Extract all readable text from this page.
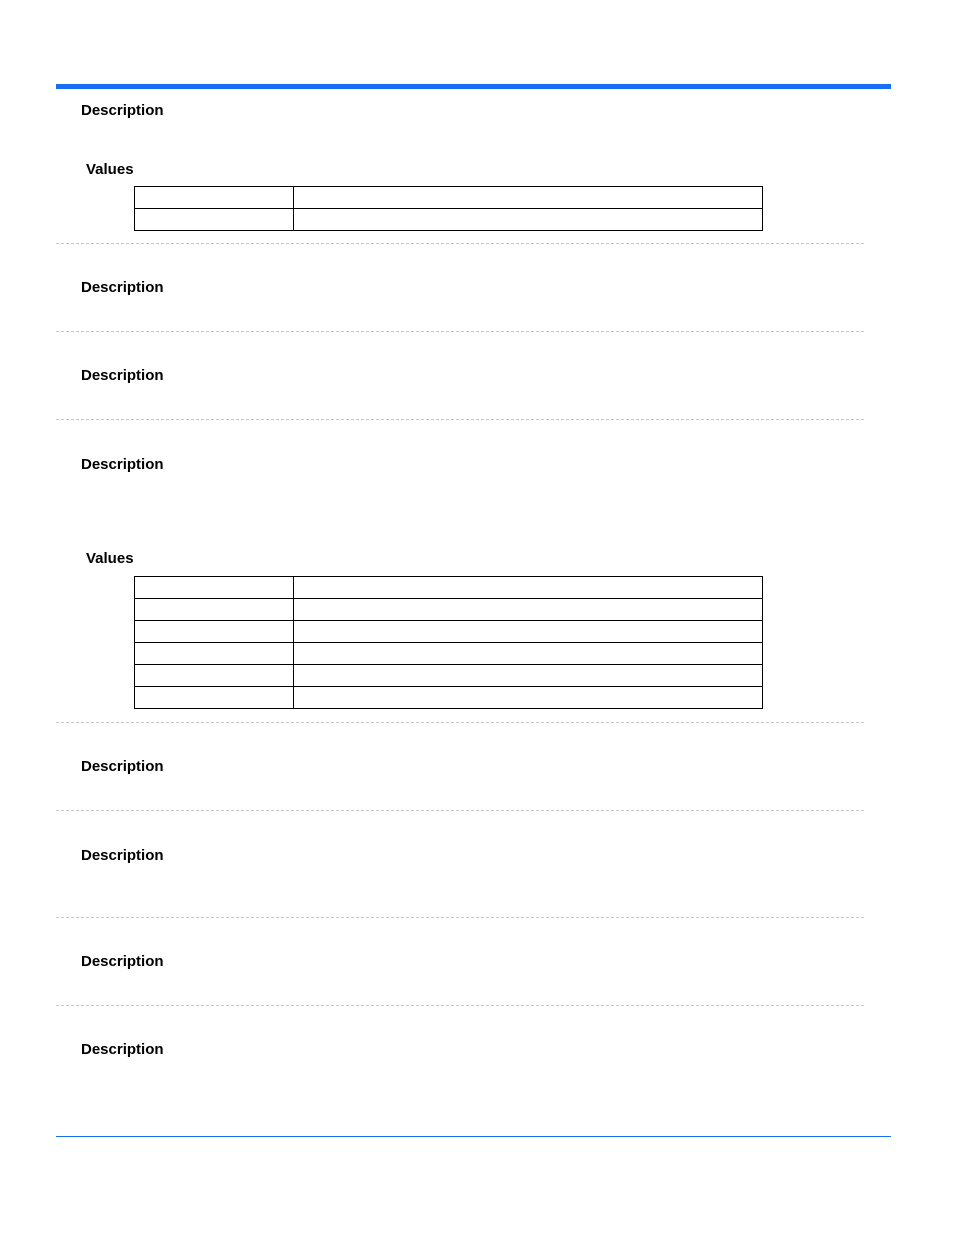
Description
Values

Description
Description
Description
Values

Description
Description
Description
Description
